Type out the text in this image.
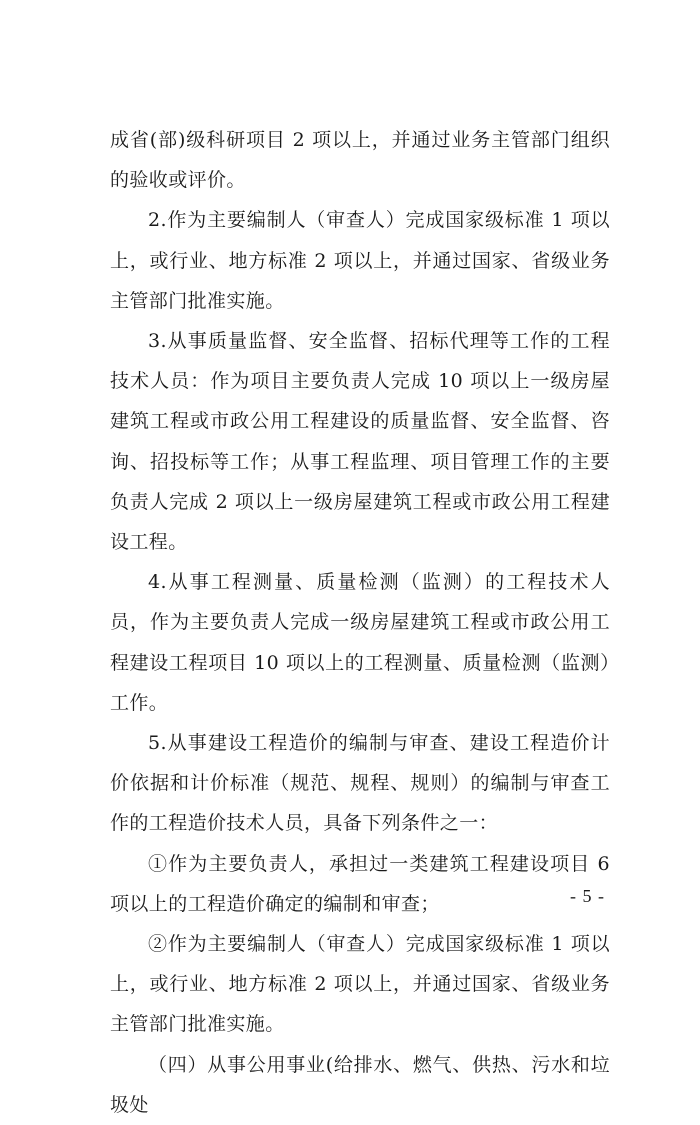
成省(部)级科研项目 2 项以上，并通过业务主管部门组织的验收或评价。

2.作为主要编制人（审查人）完成国家级标准 1 项以上，或行业、地方标准 2 项以上，并通过国家、省级业务主管部门批准实施。

3.从事质量监督、安全监督、招标代理等工作的工程技术人员：作为项目主要负责人完成 10 项以上一级房屋建筑工程或市政公用工程建设的质量监督、安全监督、咨询、招投标等工作；从事工程监理、项目管理工作的主要负责人完成 2 项以上一级房屋建筑工程或市政公用工程建设工程。

4.从事工程测量、质量检测（监测）的工程技术人员，作为主要负责人完成一级房屋建筑工程或市政公用工程建设工程项目 10 项以上的工程测量、质量检测（监测）工作。

5.从事建设工程造价的编制与审查、建设工程造价计价依据和计价标准（规范、规程、规则）的编制与审查工作的工程造价技术人员，具备下列条件之一：

①作为主要负责人，承担过一类建筑工程建设项目 6 项以上的工程造价确定的编制和审查；

②作为主要编制人（审查人）完成国家级标准 1 项以上，或行业、地方标准 2 项以上，并通过国家、省级业务主管部门批准实施。

（四）从事公用事业(给排水、燃气、供热、污水和垃圾处

- 5 -
